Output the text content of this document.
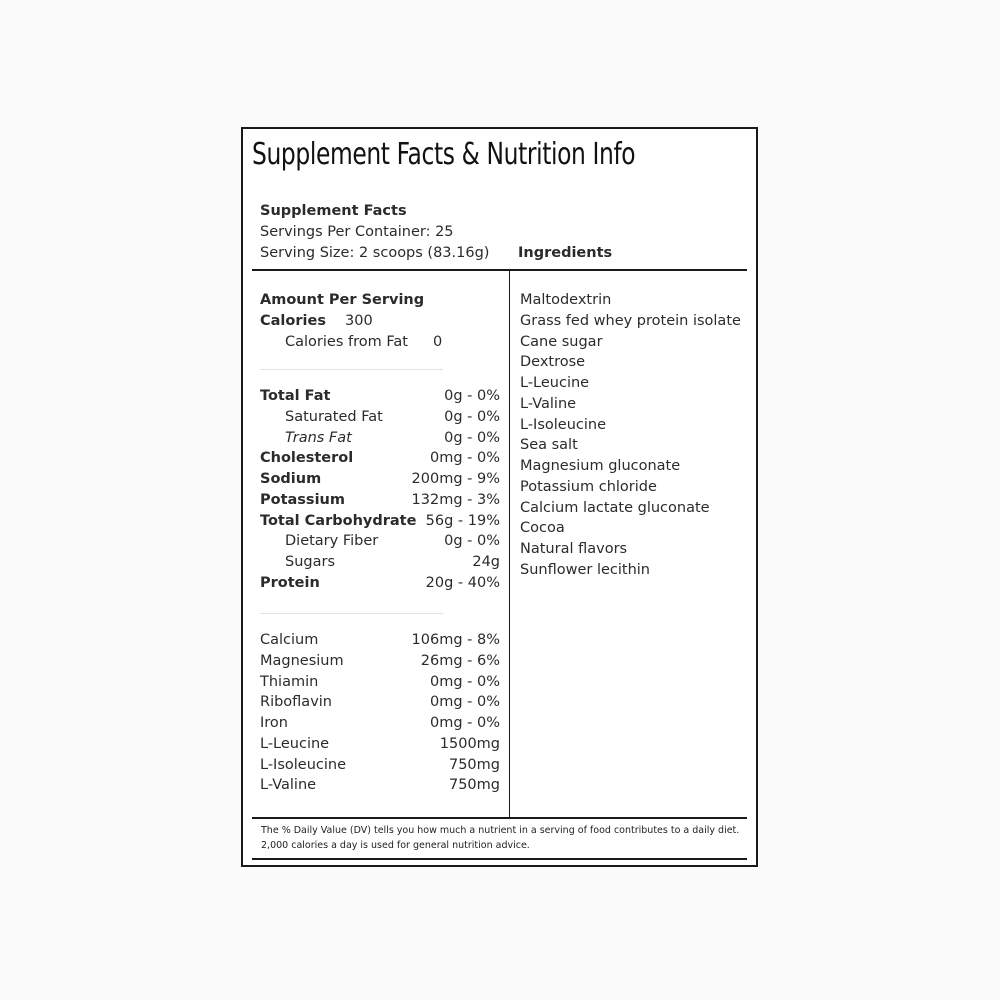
Supplement Facts & Nutrition Info
Supplement Facts
Servings Per Container: 25
Serving Size: 2 scoops (83.16g) Ingredients
Amount Per Serving
Calories 300
Calories from Fat 0
Total Fat	0g - 0%
Saturated Fat	0g - 0%
Trans Fat	0g - 0%
Cholesterol	0mg - 0%
Sodium	200mg - 9%
Potassium	132mg - 3%
Total Carbohydrate 56g - 19%
Dietary Fiber	0g - 0%
Sugars	24g
Protein	20g - 40%
Calcium	106mg - 8%
Magnesium	26mg - 6%
Thiamin	0mg - 0%
Riboflavin	0mg - 0%
Iron	0mg - 0%
L-Leucine	1500mg
L-Isoleucine	750mg
L-Valine	750mg
Maltodextrin
Grass fed whey protein isolate
Cane sugar
Dextrose
L-Leucine
L-Valine
L-Isoleucine
Sea salt
Magnesium gluconate
Potassium chloride
Calcium lactate gluconate
Cocoa
Natural flavors
Sunflower lecithin
The % Daily Value (DV) tells you how much a nutrient in a serving of food contributes to a daily diet.
2,000 calories a day is used for general nutrition advice.
